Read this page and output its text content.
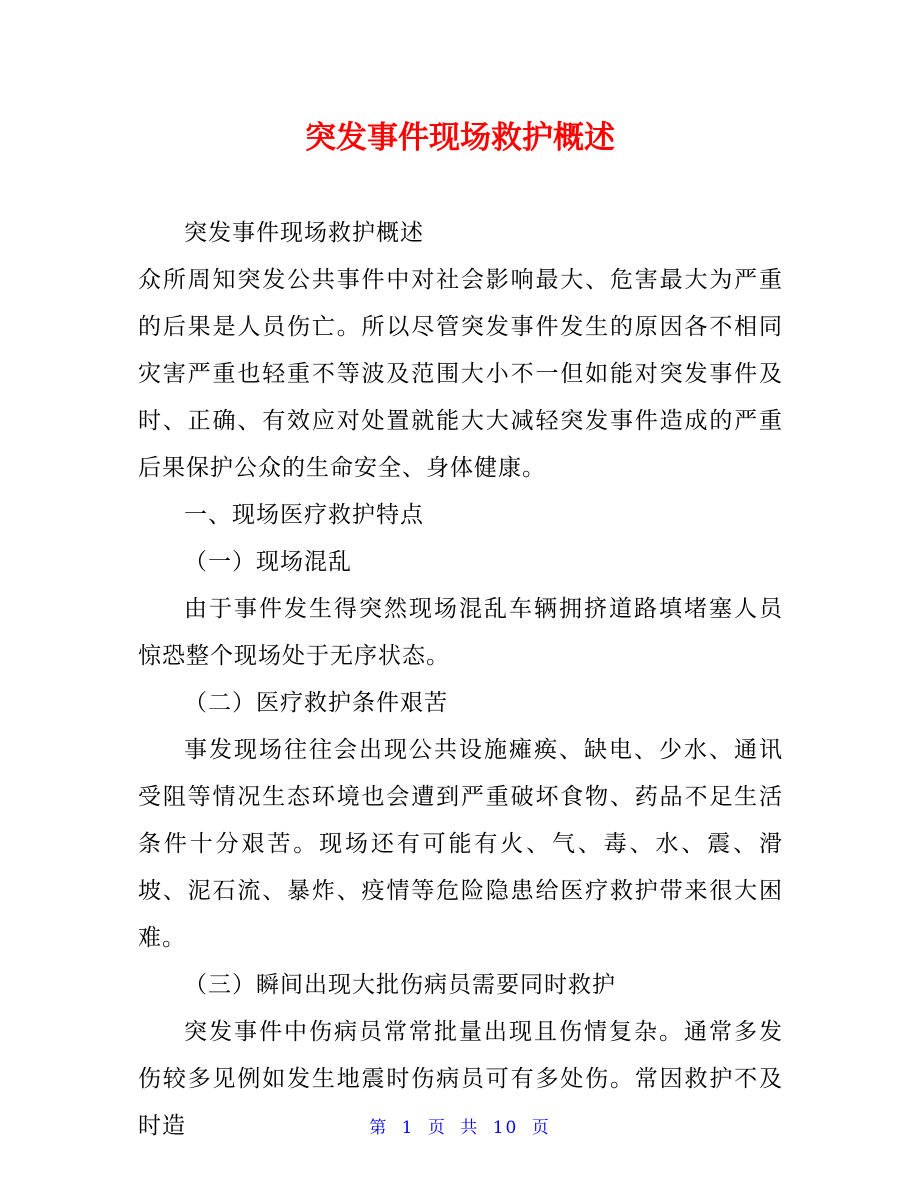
突发事件现场救护概述

突发事件现场救护概述

众所周知突发公共事件中对社会影响最大、危害最大为严重的后果是人员伤亡。所以尽管突发事件发生的原因各不相同灾害严重也轻重不等波及范围大小不一但如能对突发事件及时、正确、有效应对处置就能大大减轻突发事件造成的严重后果保护公众的生命安全、身体健康。

一、现场医疗救护特点

（一）现场混乱

由于事件发生得突然现场混乱车辆拥挤道路填堵塞人员惊恐整个现场处于无序状态。

（二）医疗救护条件艰苦

事发现场往往会出现公共设施瘫痪、缺电、少水、通讯受阻等情况生态环境也会遭到严重破坏食物、药品不足生活条件十分艰苦。现场还有可能有火、气、毒、水、震、滑坡、泥石流、暴炸、疫情等危险隐患给医疗救护带来很大困难。

（三）瞬间出现大批伤病员需要同时救护

突发事件中伤病员常常批量出现且伤情复杂。通常多发伤较多见例如发生地震时伤病员可有多处伤。常因救护不及时造	第 1 页 共 10 页
